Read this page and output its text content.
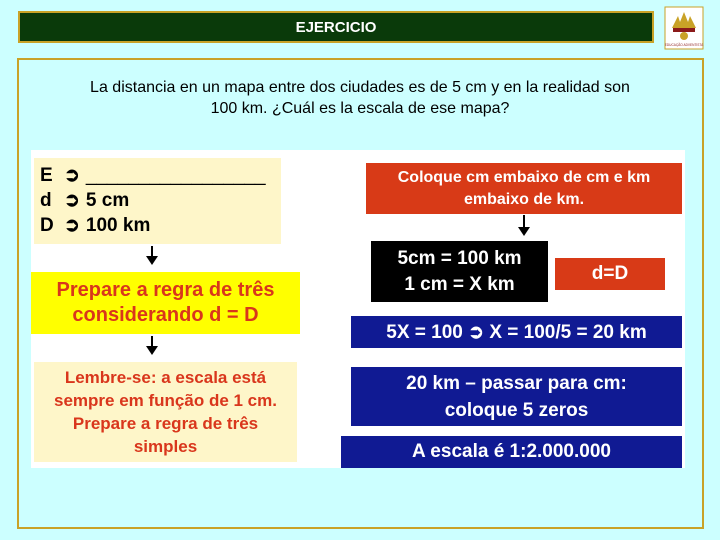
EJERCICIO
EDUCAÇÃO ADVENTISTA
La distancia en un mapa entre dos ciudades es de 5 cm y en la realidad son
100 km. ¿Cuál es la escala de ese mapa?
E ➲ _________________
d ➲ 5 cm
D ➲ 100 km
Prepare a regra de três
considerando d = D
Lembre-se: a escala está
sempre em função de 1 cm.
Prepare a regra de três
simples
Coloque cm embaixo de cm e km
embaixo de km.
5cm = 100 km
1 cm = X km	d=D
5X = 100 ➲ X = 100/5 = 20 km
20 km – passar para cm:
coloque 5 zeros
A escala é 1:2.000.000
